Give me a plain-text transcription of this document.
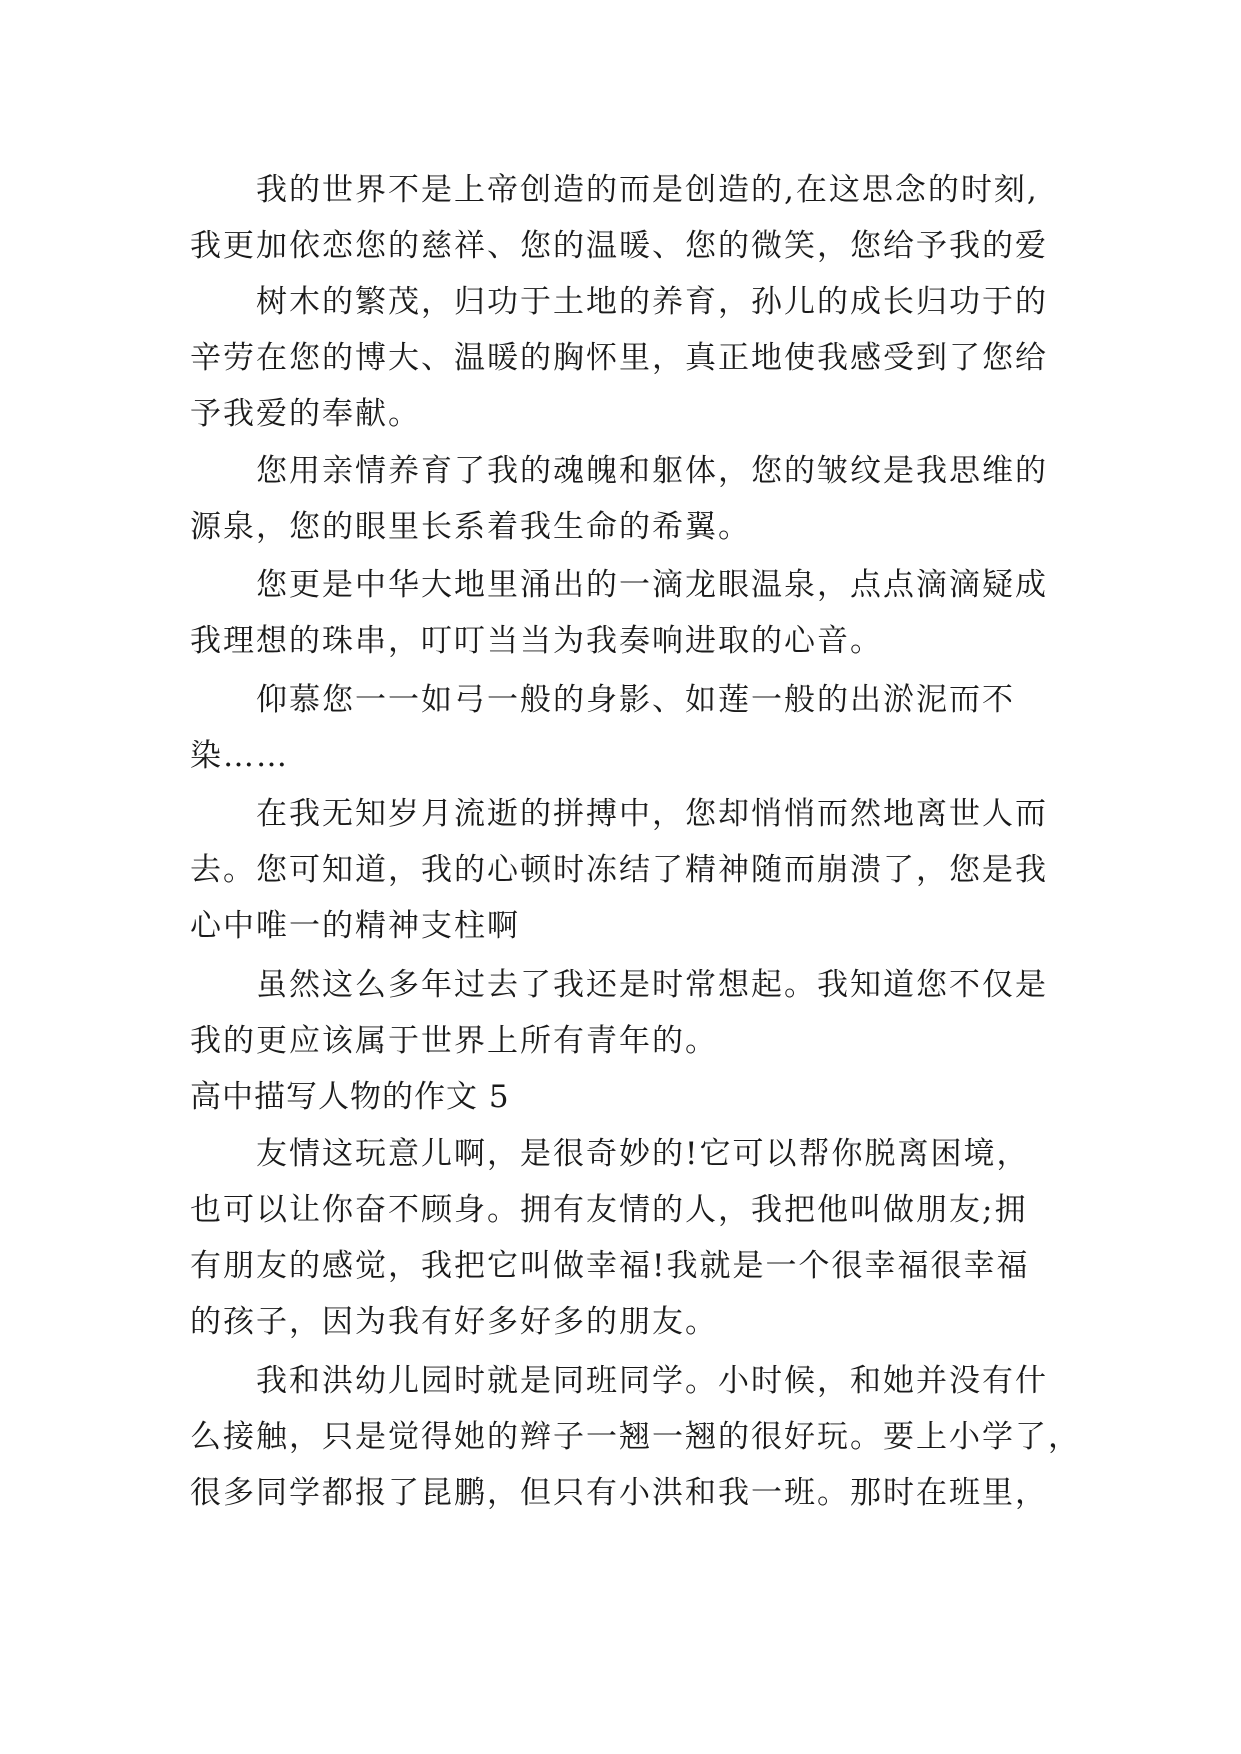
我的世界不是上帝创造的而是创造的,在这思念的时刻,
我更加依恋您的慈祥、您的温暖、您的微笑，您给予我的爱
树木的繁茂，归功于土地的养育，孙儿的成长归功于的
辛劳在您的博大、温暖的胸怀里，真正地使我感受到了您给
予我爱的奉献。
您用亲情养育了我的魂魄和躯体，您的皱纹是我思维的
源泉，您的眼里长系着我生命的希翼。
您更是中华大地里涌出的一滴龙眼温泉，点点滴滴疑成
我理想的珠串，叮叮当当为我奏响进取的心音。
仰慕您一一如弓一般的身影、如莲一般的出淤泥而不
染……
在我无知岁月流逝的拼搏中，您却悄悄而然地离世人而
去。您可知道，我的心顿时冻结了精神随而崩溃了，您是我
心中唯一的精神支柱啊
虽然这么多年过去了我还是时常想起。我知道您不仅是
我的更应该属于世界上所有青年的。
高中描写人物的作文 5
友情这玩意儿啊，是很奇妙的!它可以帮你脱离困境，
也可以让你奋不顾身。拥有友情的人，我把他叫做朋友;拥
有朋友的感觉，我把它叫做幸福!我就是一个很幸福很幸福
的孩子，因为我有好多好多的朋友。
我和洪幼儿园时就是同班同学。小时候，和她并没有什
么接触，只是觉得她的辫子一翘一翘的很好玩。要上小学了，
很多同学都报了昆鹏，但只有小洪和我一班。那时在班里，
